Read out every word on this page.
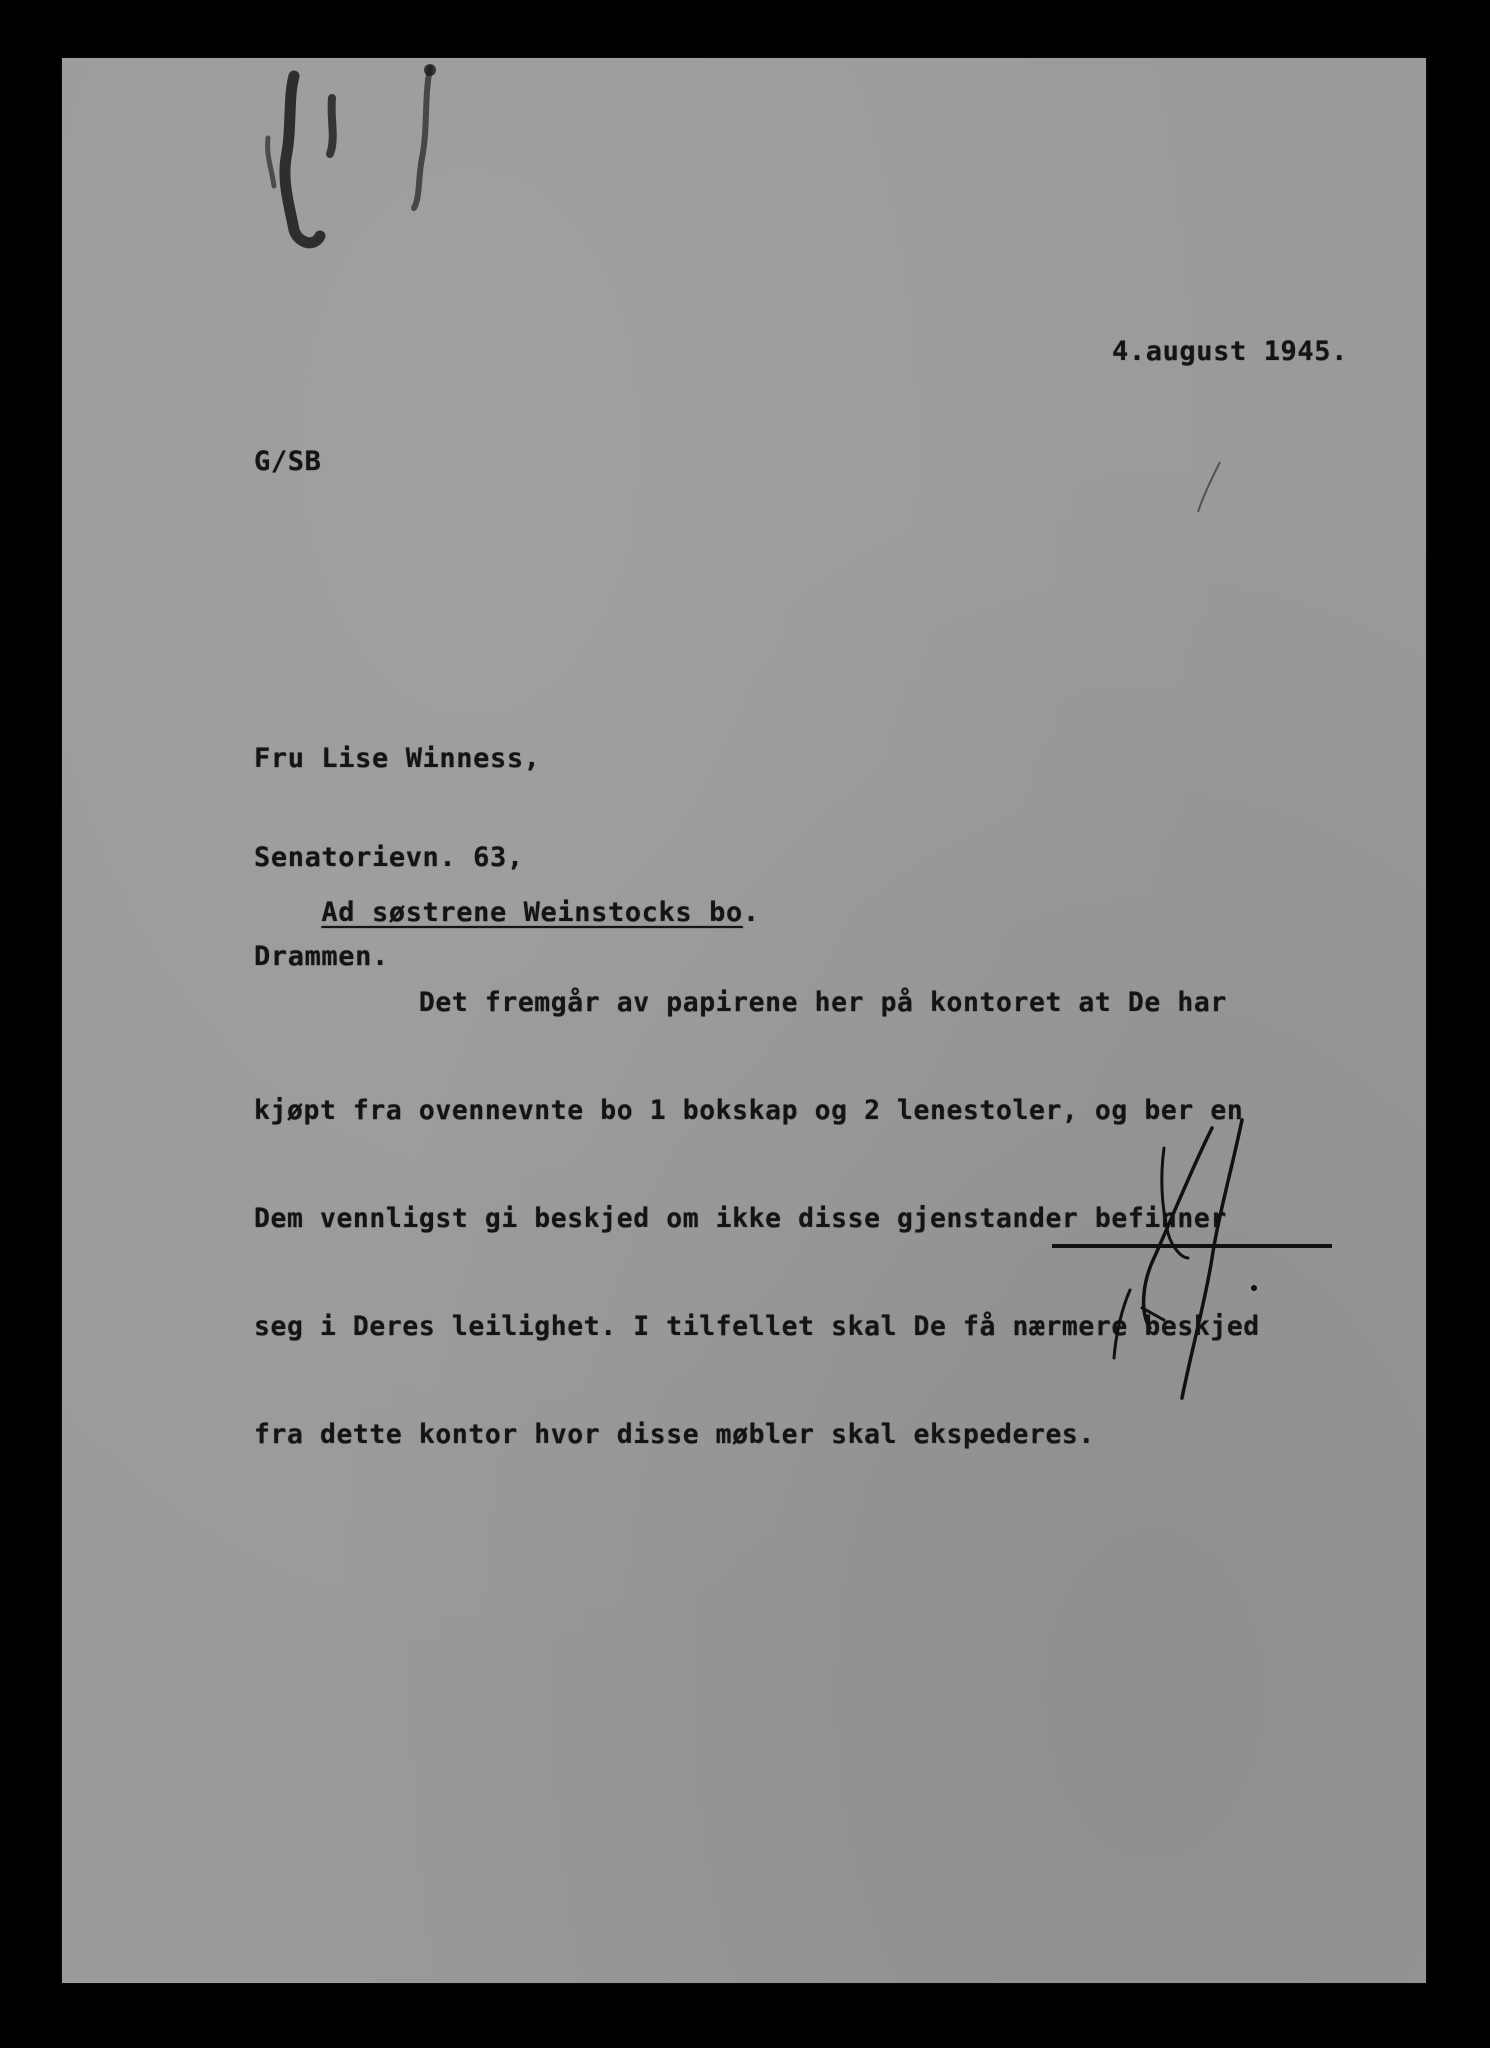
4.august 1945.
G/SB

Fru Lise Winness,

Senatorievn. 63,

Drammen.

Ad søstrene Weinstocks bo.

Det fremgår av papirene her på kontoret at De har

kjøpt fra ovennevnte bo 1 bokskap og 2 lenestoler, og ber en

Dem vennligst gi beskjed om ikke disse gjenstander befinner

seg i Deres leilighet. I tilfellet skal De få nærmere beskjed

fra dette kontor hvor disse møbler skal ekspederes.
